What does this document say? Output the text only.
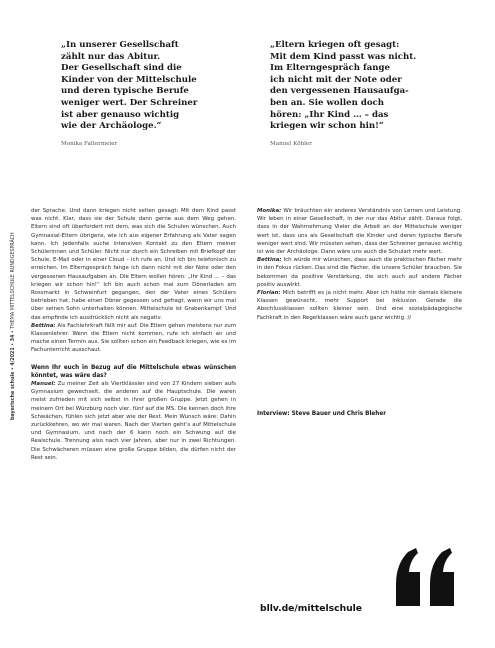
„In unserer Gesellschaft
zählt nur das Abitur.
Der Gesellschaft sind die
Kinder von der Mittelschule
und deren typische Berufe
weniger wert. Der Schreiner
ist aber genauso wichtig
wie der Archäologe.“

Monika Faltermeier

„Eltern kriegen oft gesagt:
Mit dem Kind passt was nicht.
Im Elterngespräch fange
ich nicht mit der Note oder
den vergessenen Hausaufga-
ben an. Sie wollen doch
hören: „Ihr Kind … – das
kriegen wir schon hin!“

Manuel Köhler
bayerische schule • 4/2021 • 34 • THEMA MITTELSCHULE RUNDGESPRÄCH

der Sprache. Und dann kriegen nicht selten gesagt: Mit dem Kind passt was nicht. Klar, dass sie der Schule dann gerne aus dem Weg gehen. Eltern sind oft überfordert mit dem, was sich die Schulen wünschen. Auch Gymnasial-Eltern übrigens, wie ich aus eigener Erfahrung als Vater sagen kann. Ich jedenfalls suche intensiven Kontakt zu den Eltern meiner Schülerinnen und Schüler. Nicht nur durch ein Schreiben mit Briefkopf der Schule, E-Mail oder in einer Cloud – ich rufe an. Und ich bin telefonisch zu erreichen. Im Elterngespräch fange ich dann nicht mit der Note oder den vergessenen Hausaufgaben an. Die Eltern wollen hören: „Ihr Kind … – das kriegen wir schon hin!“ Ich bin auch schon mal zum Dönerladen am Rossmarkt in Schweinfurt gegangen, den der Vater eines Schülers betrieben hat, habe einen Döner gegessen und gefragt, wann wir uns mal über seinen Sohn unterhalten können. Mittelschule ist Grabenkampf. Und das empfinde ich ausdrücklich nicht als negativ.

Bettina: Als Fachlehrkraft fällt mir auf: Die Eltern gehen meistens nur zum Klassenlehrer. Wenn die Eltern nicht kommen, rufe ich einfach an und mache einen Termin aus. Sie sollten schon ein Feedback kriegen, wie es im Fachunterricht ausschaut.

Wenn Ihr euch in Bezug auf die Mittelschule etwas wünschen könntet, was wäre das?

Manuel: Zu meiner Zeit als Viertklässler sind von 27 Kindern sieben aufs Gymnasium gewechselt, die anderen auf die Hauptschule. Die waren meist zufrieden mit sich selbst in ihrer großen Gruppe. Jetzt gehen in meinem Ort bei Würzburg noch vier, fünf auf die MS. Die kennen doch ihre Schwächen, fühlen sich jetzt aber wie der Rest. Mein Wunsch wäre: Dahin zurückkehren, wo wir mal waren. Nach der Vierten geht’s auf Mittelschule und Gymnasium, und nach der 6 kann noch ein Schwung auf die Realschule. Trennung also nach vier Jahren, aber nur in zwei Richtungen. Die Schwächeren müssen eine große Gruppe bilden, die dürfen nicht der Rest sein.

Monika: Wir bräuchten ein anderes Verständnis von Lernen und Leistung. Wir leben in einer Gesellschaft, in der nur das Abitur zählt. Daraus folgt, dass in der Wahrnehmung Vieler die Arbeit an der Mittelschule weniger wert ist, dass uns als Gesellschaft die Kinder und deren typische Berufe weniger wert sind. Wir müssten sehen, dass der Schreiner genauso wichtig ist wie der Archäologe. Dann wäre uns auch die Schulart mehr wert.

Bettina: Ich würde mir wünschen, dass auch die praktischen Fächer mehr in den Fokus rücken. Das sind die Fächer, die unsere Schüler brauchen. Sie bekommen da positive Verstärkung, die sich auch auf andere Fächer positiv auswirkt.

Florian: Mich betrifft es ja nicht mehr. Aber ich hätte mir damals kleinere Klassen gewünscht, mehr Support bei Inklusion. Gerade die Abschlussklassen sollten kleiner sein. Und eine sozialpädagogische Fachkraft in den Regelklassen wäre auch ganz wichtig. //

Interview: Steve Bauer und Chris Bleher
bllv.de/mittelschule
